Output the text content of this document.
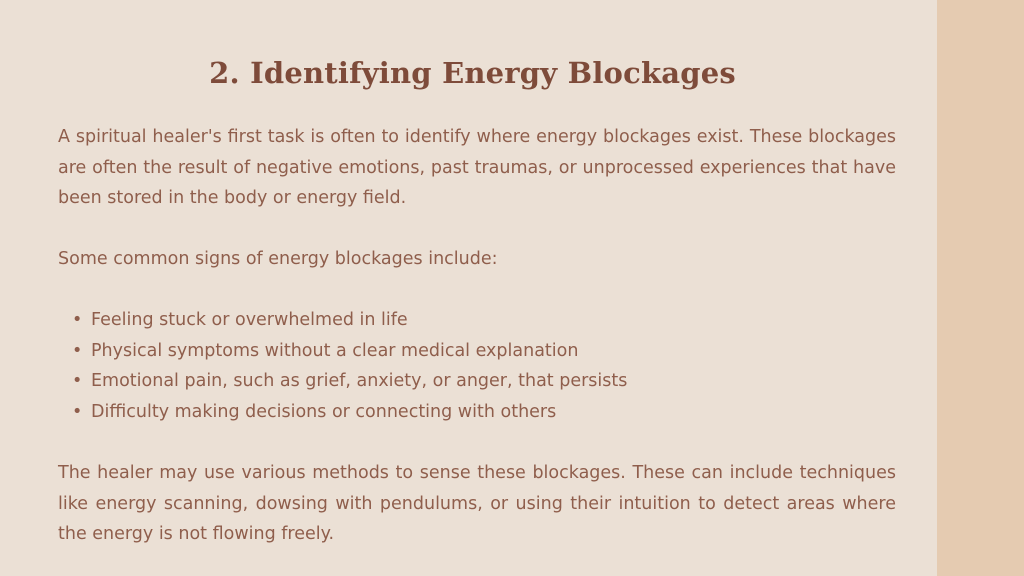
2. Identifying Energy Blockages

A spiritual healer's first task is often to identify where energy blockages exist. These blockages are often the result of negative emotions, past traumas, or unprocessed experiences that have been stored in the body or energy field.

Some common signs of energy blockages include:

• Feeling stuck or overwhelmed in life
• Physical symptoms without a clear medical explanation
• Emotional pain, such as grief, anxiety, or anger, that persists
• Difficulty making decisions or connecting with others

The healer may use various methods to sense these blockages. These can include techniques like energy scanning, dowsing with pendulums, or using their intuition to detect areas where the energy is not flowing freely.
